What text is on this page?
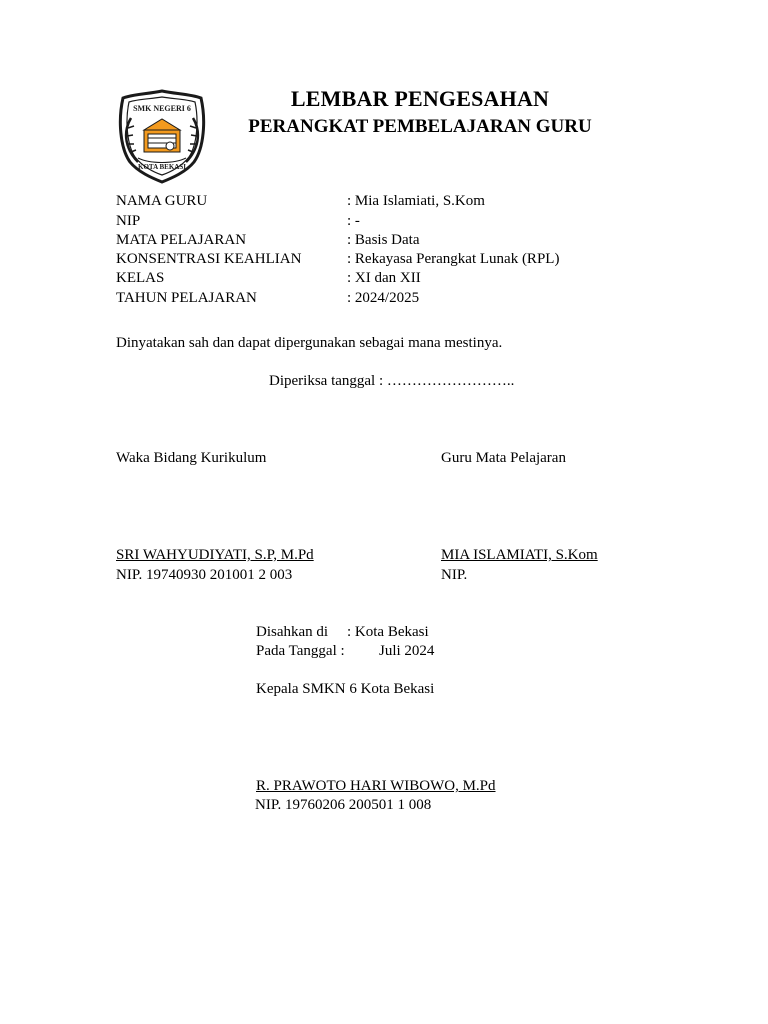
SMK NEGERI 6
KOTA BEKASI
LEMBAR PENGESAHAN
PERANGKAT PEMBELAJARAN GURU
NAMA GURU	: Mia Islamiati, S.Kom
NIP	: -
MATA PELAJARAN	: Basis Data
KONSENTRASI KEAHLIAN	: Rekayasa Perangkat Lunak (RPL)
KELAS	: XI dan XII
TAHUN PELAJARAN	: 2024/2025
Dinyatakan sah dan dapat dipergunakan sebagai mana mestinya.
Diperiksa tanggal : ……………………..
Waka Bidang Kurikulum	Guru Mata Pelajaran
SRI WAHYUDIYATI, S.P, M.Pd	MIA ISLAMIATI, S.Kom
NIP. 19740930 201001 2 003	NIP.
Disahkan di : Kota Bekasi
Pada Tanggal : Juli 2024
Kepala SMKN 6 Kota Bekasi
R. PRAWOTO HARI WIBOWO, M.Pd
NIP. 19760206 200501 1 008
